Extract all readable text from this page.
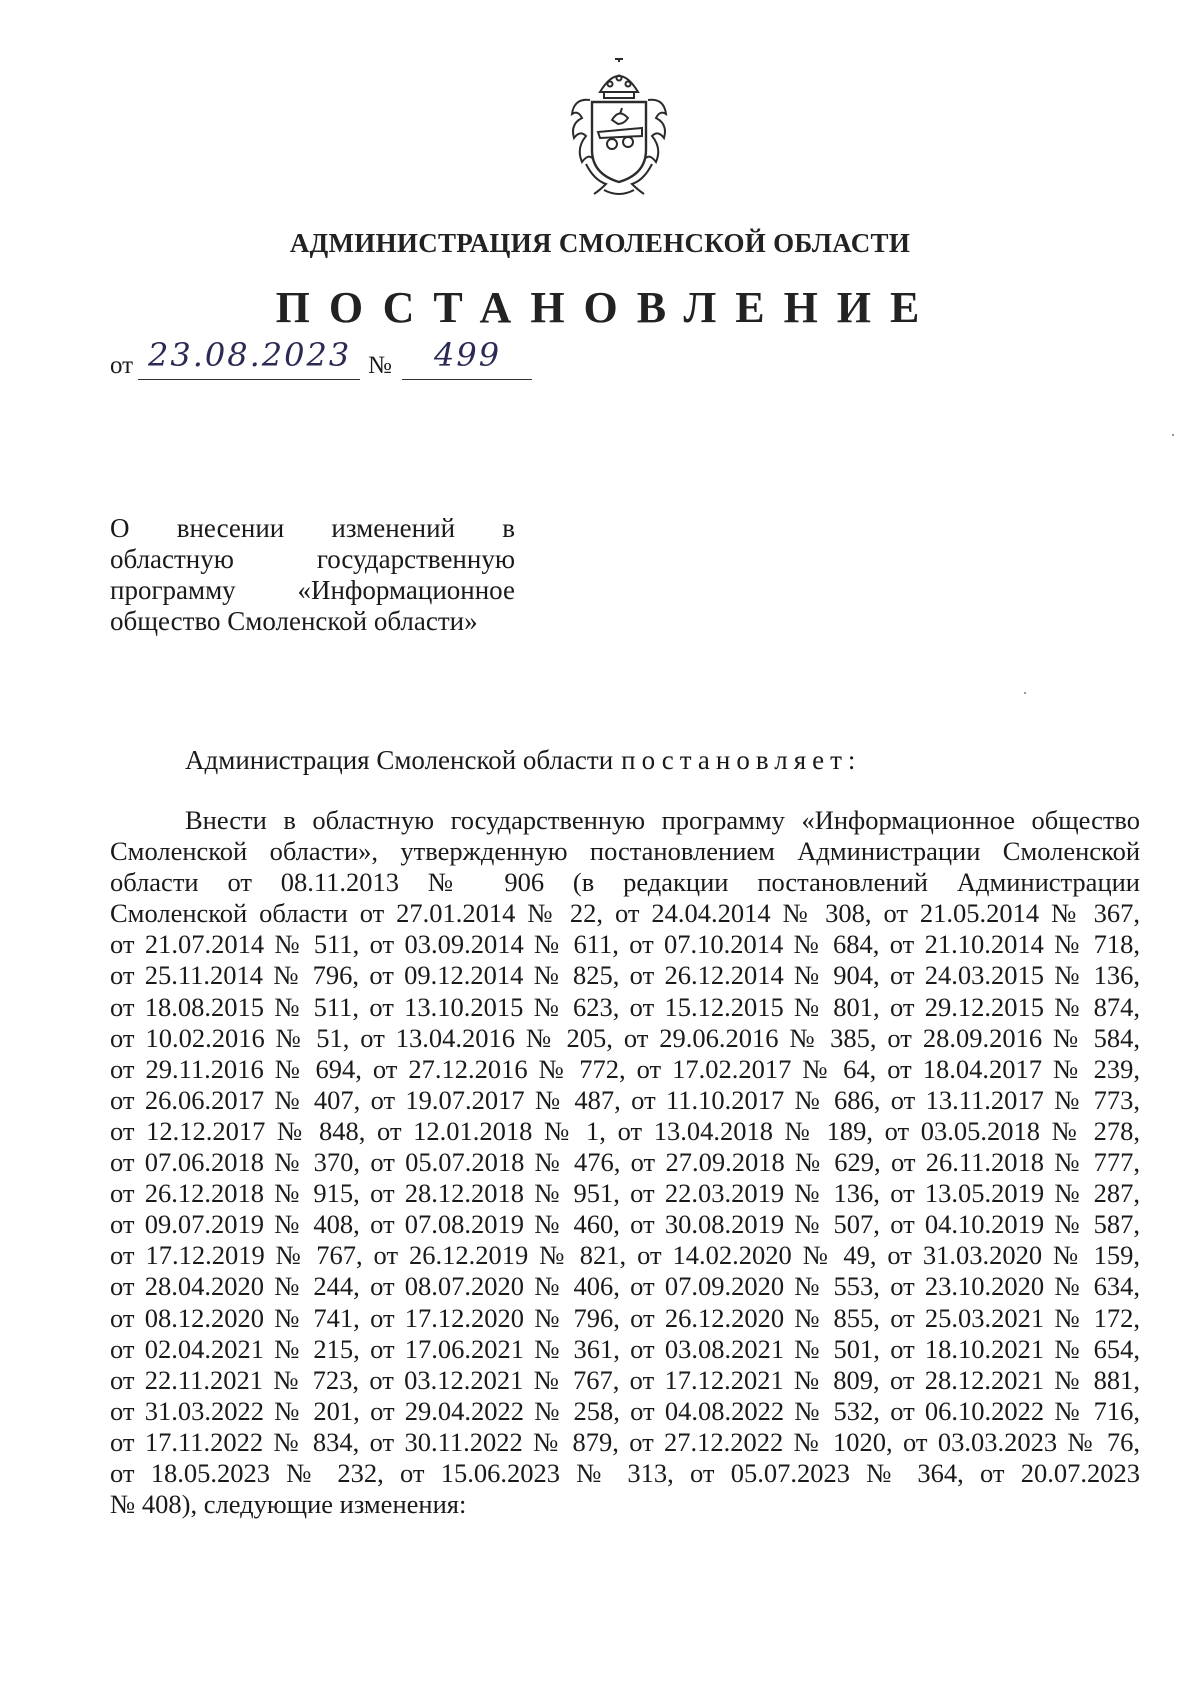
АДМИНИСТРАЦИЯ СМОЛЕНСКОЙ ОБЛАСТИ
ПОСТАНОВЛЕНИЕ
от 23.08.2023 № 499
О внесении изменений в
областную государственную
программу «Информационное
общество Смоленской области»
Администрация Смоленской области постановляет:
Внести в областную государственную программу «Информационное общество
Смоленской области», утвержденную постановлением Администрации Смоленской
области от 08.11.2013 № 906 (в редакции постановлений Администрации
Смоленской области от 27.01.2014 № 22, от 24.04.2014 № 308, от 21.05.2014 № 367,
от 21.07.2014 № 511, от 03.09.2014 № 611, от 07.10.2014 № 684, от 21.10.2014 № 718,
от 25.11.2014 № 796, от 09.12.2014 № 825, от 26.12.2014 № 904, от 24.03.2015 № 136,
от 18.08.2015 № 511, от 13.10.2015 № 623, от 15.12.2015 № 801, от 29.12.2015 № 874,
от 10.02.2016 № 51, от 13.04.2016 № 205, от 29.06.2016 № 385, от 28.09.2016 № 584,
от 29.11.2016 № 694, от 27.12.2016 № 772, от 17.02.2017 № 64, от 18.04.2017 № 239,
от 26.06.2017 № 407, от 19.07.2017 № 487, от 11.10.2017 № 686, от 13.11.2017 № 773,
от 12.12.2017 № 848, от 12.01.2018 № 1, от 13.04.2018 № 189, от 03.05.2018 № 278,
от 07.06.2018 № 370, от 05.07.2018 № 476, от 27.09.2018 № 629, от 26.11.2018 № 777,
от 26.12.2018 № 915, от 28.12.2018 № 951, от 22.03.2019 № 136, от 13.05.2019 № 287,
от 09.07.2019 № 408, от 07.08.2019 № 460, от 30.08.2019 № 507, от 04.10.2019 № 587,
от 17.12.2019 № 767, от 26.12.2019 № 821, от 14.02.2020 № 49, от 31.03.2020 № 159,
от 28.04.2020 № 244, от 08.07.2020 № 406, от 07.09.2020 № 553, от 23.10.2020 № 634,
от 08.12.2020 № 741, от 17.12.2020 № 796, от 26.12.2020 № 855, от 25.03.2021 № 172,
от 02.04.2021 № 215, от 17.06.2021 № 361, от 03.08.2021 № 501, от 18.10.2021 № 654,
от 22.11.2021 № 723, от 03.12.2021 № 767, от 17.12.2021 № 809, от 28.12.2021 № 881,
от 31.03.2022 № 201, от 29.04.2022 № 258, от 04.08.2022 № 532, от 06.10.2022 № 716,
от 17.11.2022 № 834, от 30.11.2022 № 879, от 27.12.2022 № 1020, от 03.03.2023 № 76,
от 18.05.2023 № 232, от 15.06.2023 № 313, от 05.07.2023 № 364, от 20.07.2023
№ 408), следующие изменения:
